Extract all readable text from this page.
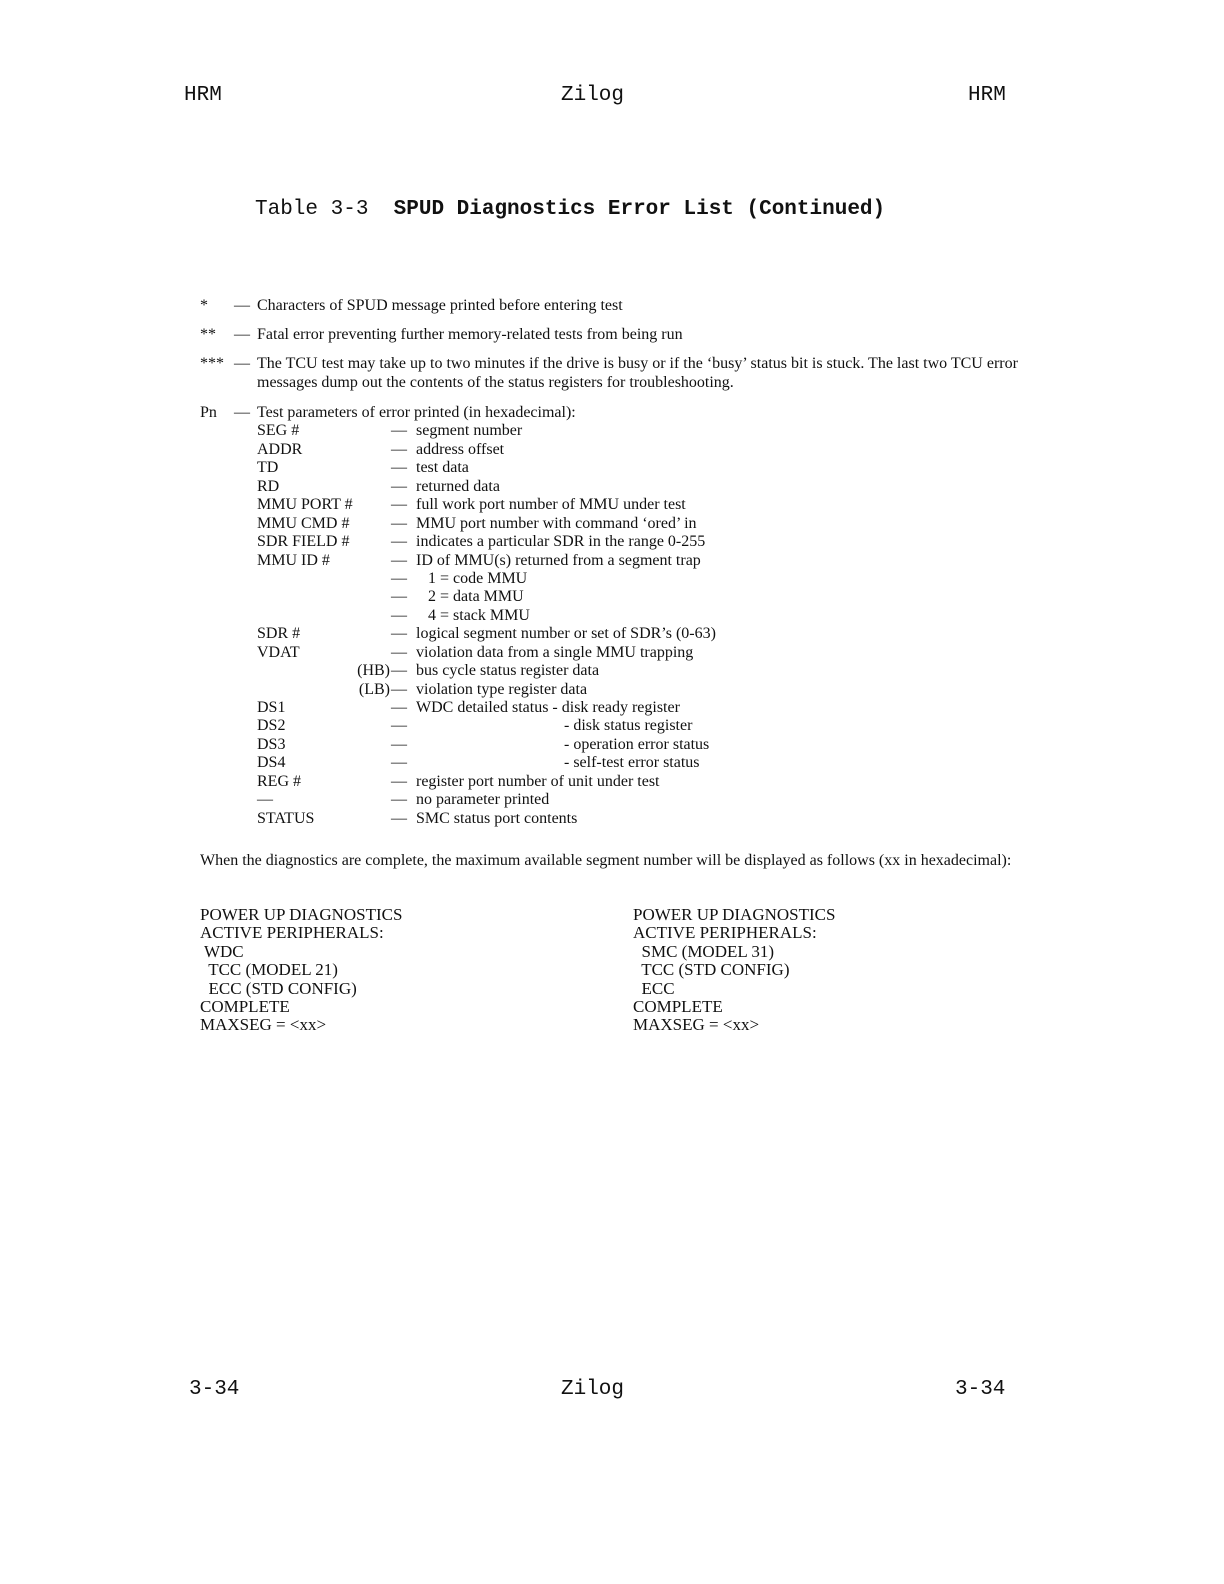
HRM	Zilog	HRM
Table 3-3 SPUD Diagnostics Error List (Continued)
*	— Characters of SPUD message printed before entering test
**	— Fatal error preventing further memory-related tests from being run
*** — The TCU test may take up to two minutes if the drive is busy or if the ‘busy’ status bit is stuck. The last two TCU error messages dump out the contents of the status registers for troubleshooting.
Pn — Test parameters of error printed (in hexadecimal):
SEG #	— segment number
ADDR	— address offset
TD	— test data
RD	— returned data
MMU PORT # — full work port number of MMU under test
MMU CMD #	— MMU port number with command ‘ored’ in
SDR FIELD #	— indicates a particular SDR in the range 0-255
MMU ID #	— ID of MMU(s) returned from a segment trap
— 1 = code MMU
— 2 = data MMU
— 4 = stack MMU
SDR #	— logical segment number or set of SDR’s (0-63)
VDAT	— violation data from a single MMU trapping
(HB) — bus cycle status register data
(LB) — violation type register data
DS1	— WDC detailed status - disk ready register
DS2	— - disk status register
DS3	— - operation error status
DS4	— - self-test error status
REG #	— register port number of unit under test
—	— no parameter printed
STATUS	— SMC status port contents
When the diagnostics are complete, the maximum available segment number will be displayed as follows (xx in hexadecimal):
POWER UP DIAGNOSTICS
ACTIVE PERIPHERALS:
WDC
TCC (MODEL 21)
ECC (STD CONFIG)
COMPLETE
MAXSEG = <xx>
POWER UP DIAGNOSTICS
ACTIVE PERIPHERALS:
SMC (MODEL 31)
TCC (STD CONFIG)
ECC
COMPLETE
MAXSEG = <xx>
3-34	Zilog	3-34
